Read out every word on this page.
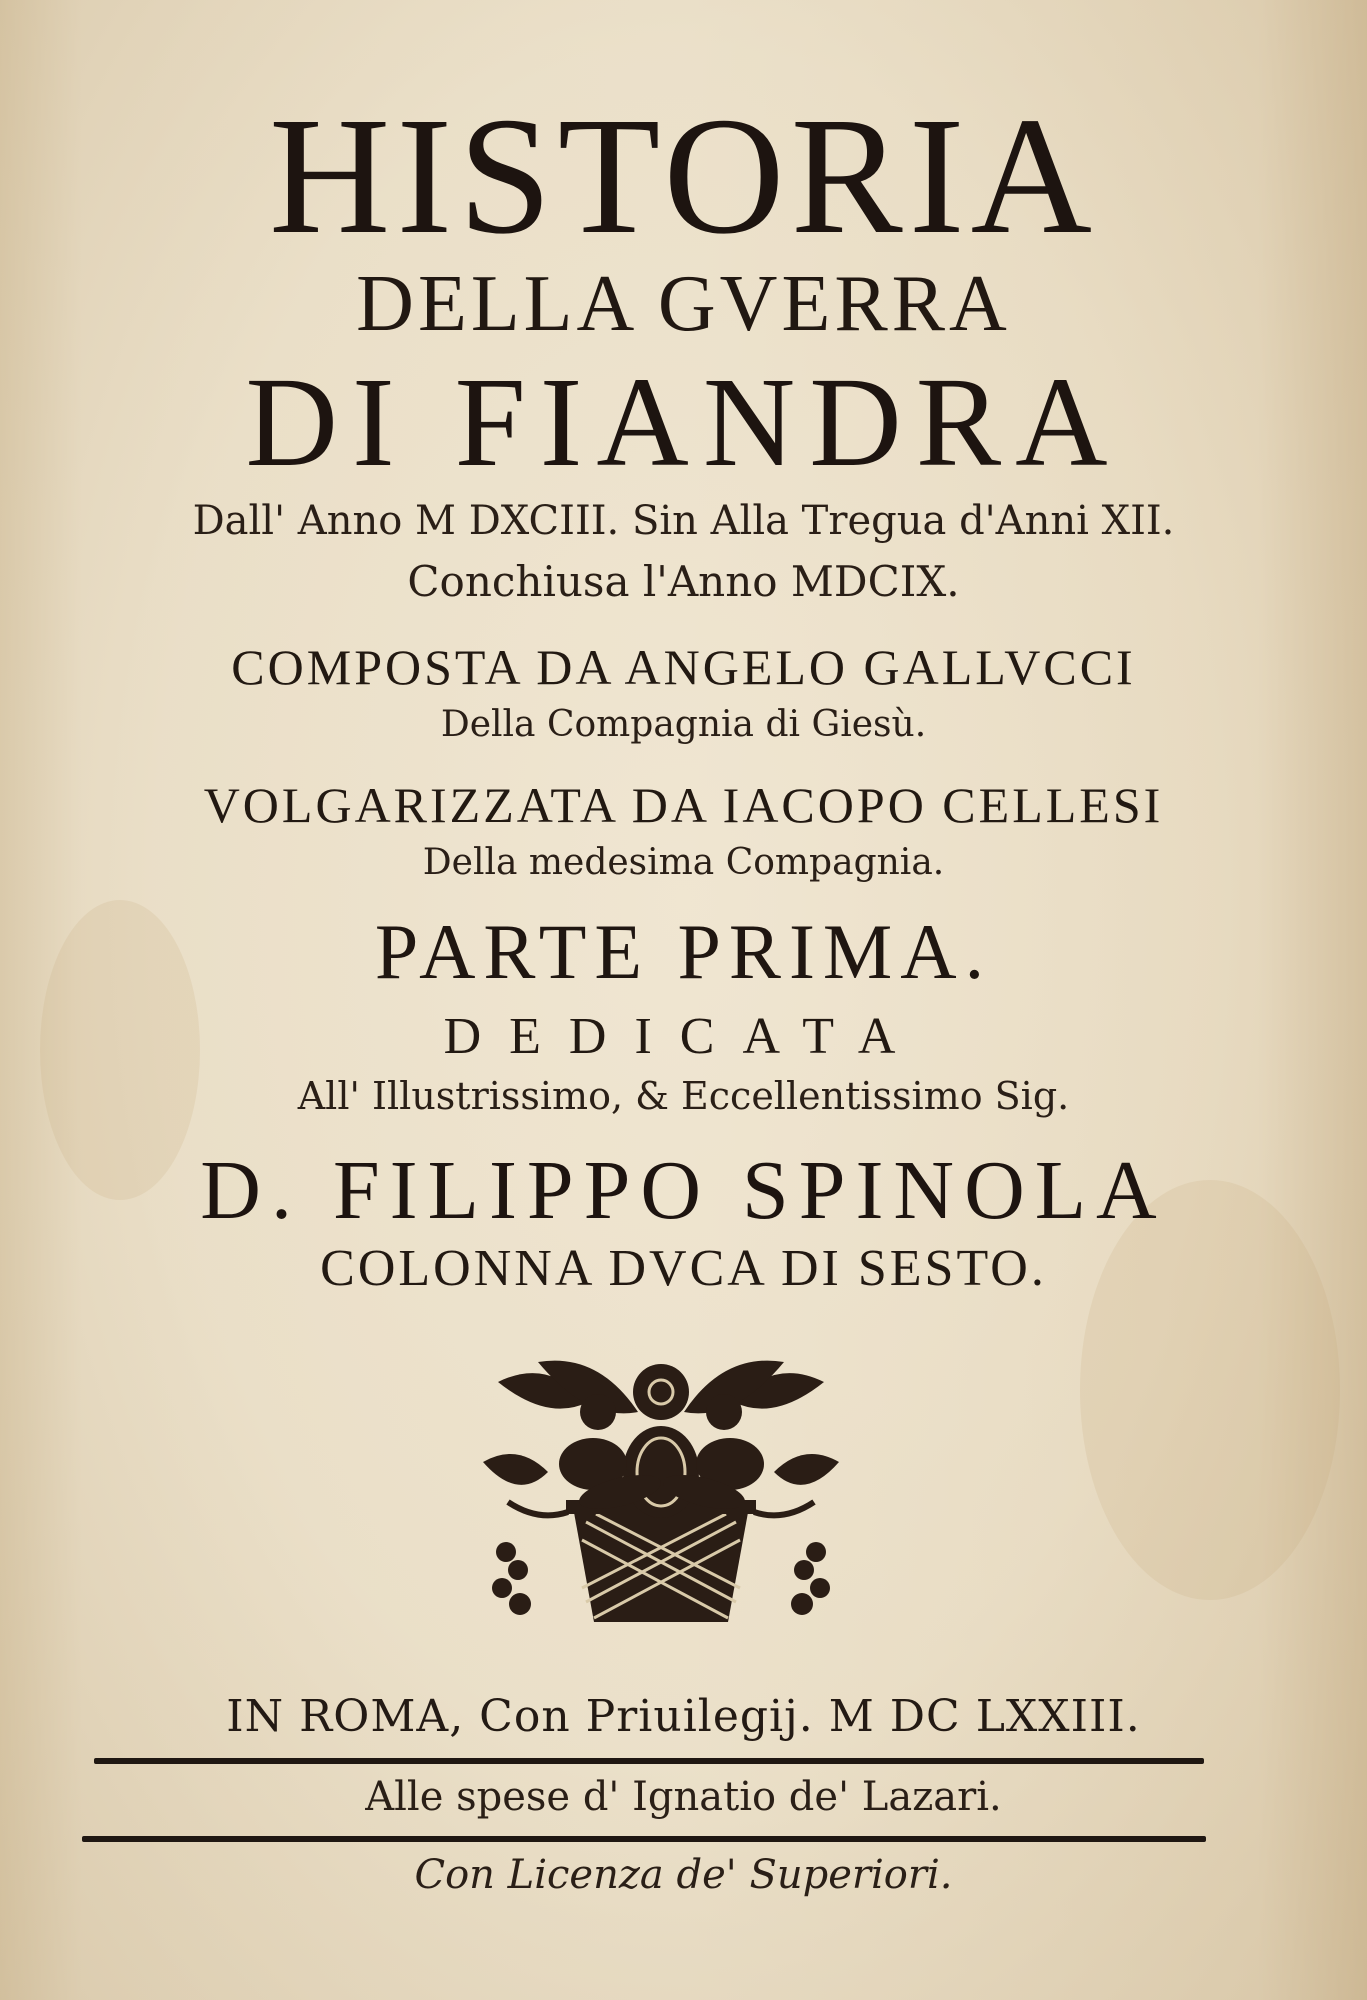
HISTORIA

DELLA GVERRA

DI FIANDRA

Dall' Anno M DXCIII. Sin Alla Tregua d'Anni XII.

Conchiusa l'Anno MDCIX.

COMPOSTA DA ANGELO GALLVCCI

Della Compagnia di Giesù.

VOLGARIZZATA DA IACOPO CELLESI

Della medesima Compagnia.

PARTE PRIMA.

DEDICATA

All' Illustrissimo, & Eccellentissimo Sig.

D. FILIPPO SPINOLA

COLONNA DVCA DI SESTO.

IN ROMA, Con Priuilegij. M DC LXXIII.

Alle spese d' Ignatio de' Lazari.

Con Licenza de' Superiori.
